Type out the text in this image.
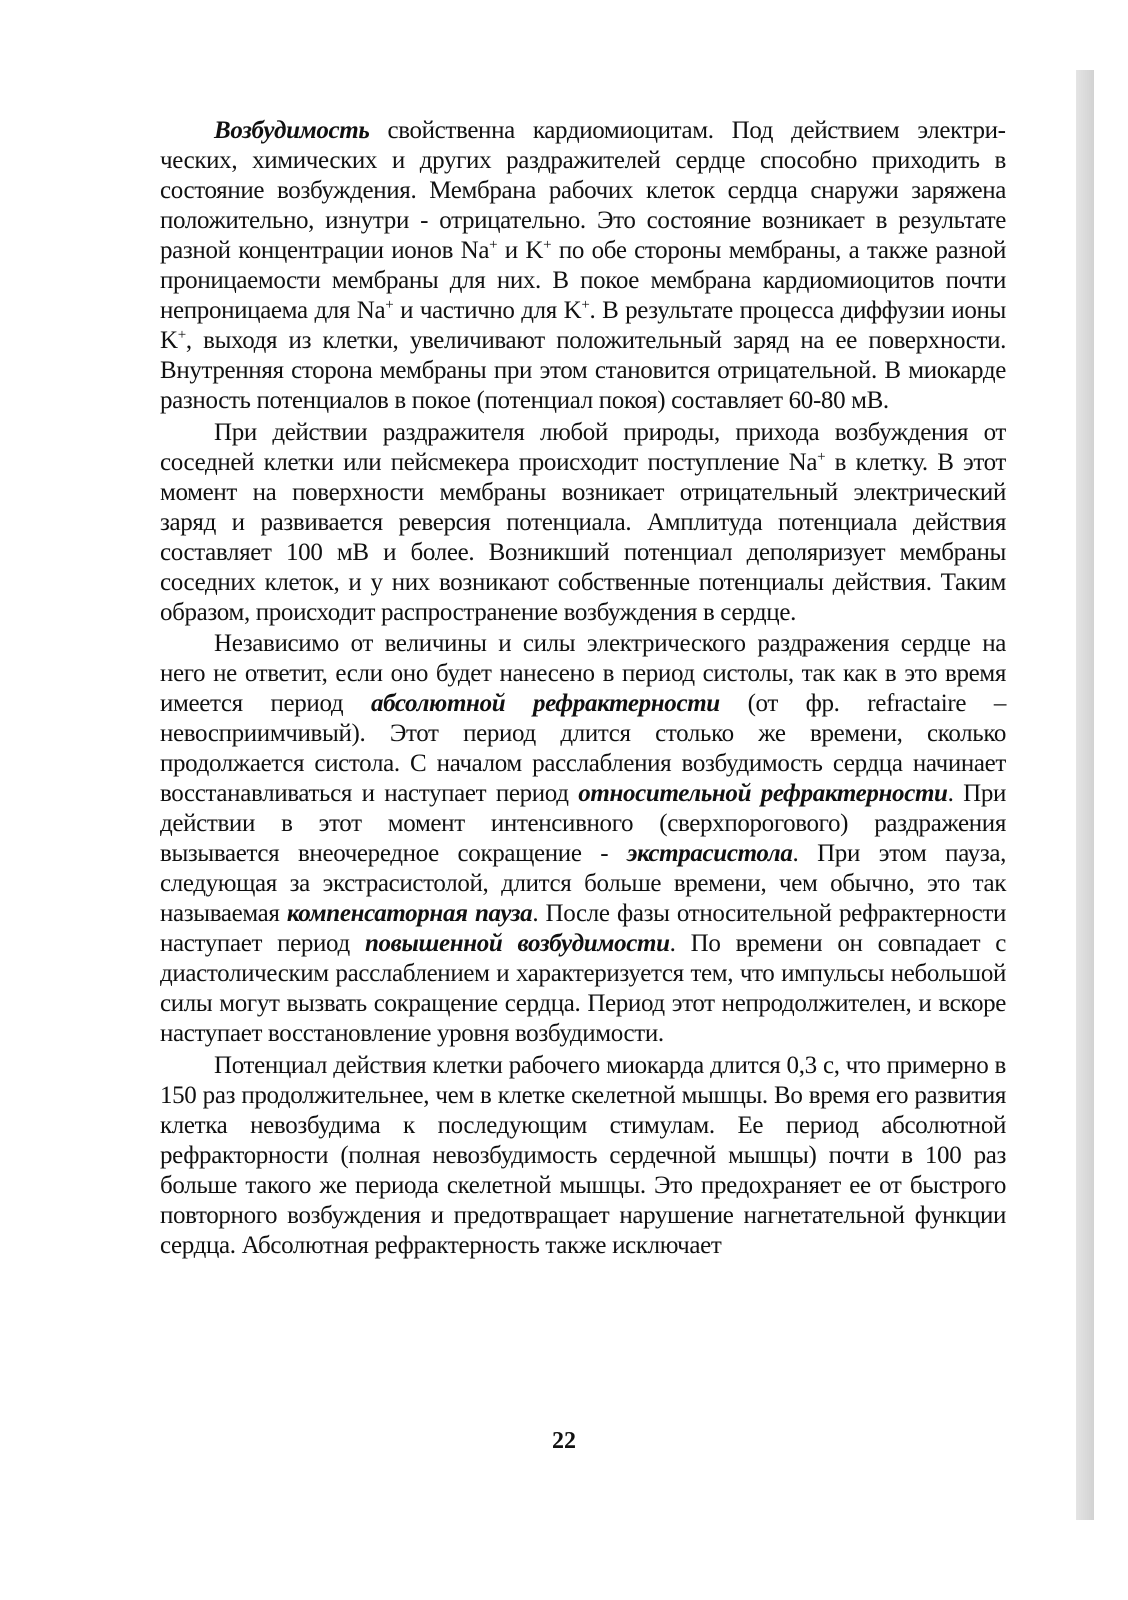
Возбудимость свойственна кардиомиоцитам. Под действием электрических, химических и других раздражителей сердце способно приходить в состояние возбуждения. Мембрана рабочих клеток сердца снаружи заряжена положительно, изнутри - отрицательно. Это состояние возникает в результате разной концентрации ионов Na+ и K+ по обе стороны мембраны, а также разной проницаемости мембраны для них. В покое мембрана кардиомиоцитов почти непроницаема для Na+ и частично для K+. В результате процесса диффузии ионы K+, выходя из клетки, увеличивают положительный заряд на ее поверхности. Внутренняя сторона мембраны при этом становится отрицательной. В миокарде разность потенциалов в покое (потенциал покоя) составляет 60-80 мВ.

При действии раздражителя любой природы, прихода возбуждения от соседней клетки или пейсмекера происходит поступление Na+ в клетку. В этот момент на поверхности мембраны возникает отрицательный электрический заряд и развивается реверсия потенциала. Амплитуда потенциала действия составляет 100 мВ и более. Возникший потенциал деполяризует мембраны соседних клеток, и у них возникают собственные потенциалы действия. Таким образом, происходит распространение возбуждения в сердце.

Независимо от величины и силы электрического раздражения сердце на него не ответит, если оно будет нанесено в период систолы, так как в это время имеется период абсолютной рефрактерности (от фр. refractaire – невосприимчивый). Этот период длится столько же времени, сколько продолжается систола. С началом расслабления возбудимость сердца начинает восстанавливаться и наступает период относительной рефрактерности. При действии в этот момент интенсивного (сверхпорогового) раздражения вызывается внеочередное сокращение - экстрасистола. При этом пауза, следующая за экстрасистолой, длится больше времени, чем обычно, это так называемая компенсаторная пауза. После фазы относительной рефрактерности наступает период повышенной возбудимости. По времени он совпадает с диастолическим расслаблением и характеризуется тем, что импульсы небольшой силы могут вызвать сокращение сердца. Период этот непродолжителен, и вскоре наступает восстановление уровня возбудимости.

Потенциал действия клетки рабочего миокарда длится 0,3 с, что примерно в 150 раз продолжительнее, чем в клетке скелетной мышцы. Во время его развития клетка невозбудима к последующим стимулам. Ее период абсолютной рефракторности (полная невозбудимость сердечной мышцы) почти в 100 раз больше такого же периода скелетной мышцы. Это предохраняет ее от быстрого повторного возбуждения и предотвращает нарушение нагнетательной функции сердца. Абсолютная рефрактерность также исключает

22
